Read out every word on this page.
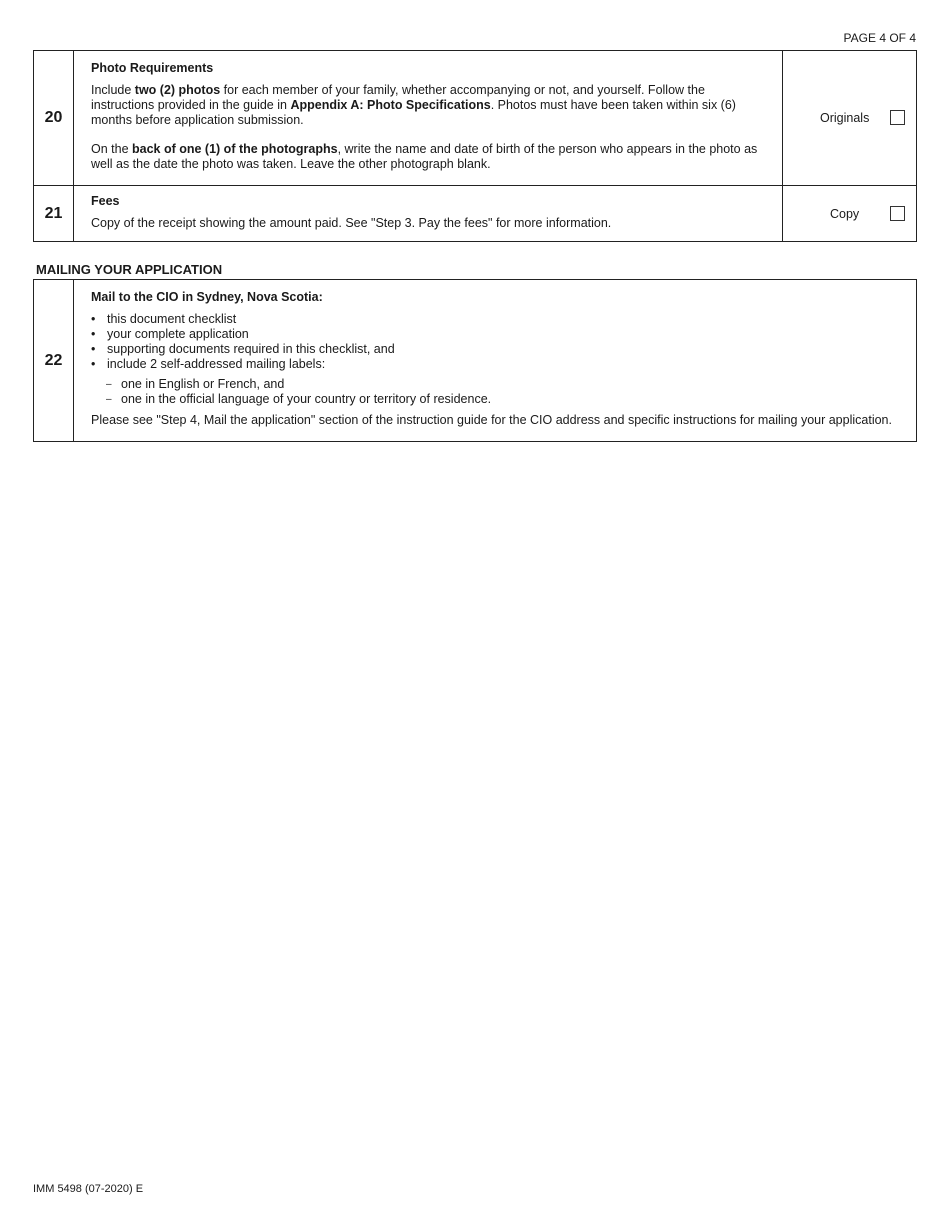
PAGE 4 OF 4
20

Photo Requirements

Include two (2) photos for each member of your family, whether accompanying or not, and yourself. Follow the instructions provided in the guide in Appendix A: Photo Specifications. Photos must have been taken within six (6) months before application submission.

On the back of one (1) of the photographs, write the name and date of birth of the person who appears in the photo as well as the date the photo was taken. Leave the other photograph blank.

Originals
21

Fees

Copy of the receipt showing the amount paid. See "Step 3. Pay the fees" for more information.

Copy
MAILING YOUR APPLICATION
22

Mail to the CIO in Sydney, Nova Scotia:

• this document checklist
• your complete application
• supporting documents required in this checklist, and
• include 2 self-addressed mailing labels:
– one in English or French, and
– one in the official language of your country or territory of residence.

Please see "Step 4, Mail the application" section of the instruction guide for the CIO address and specific instructions for mailing your application.

IMM 5498 (07-2020) E
